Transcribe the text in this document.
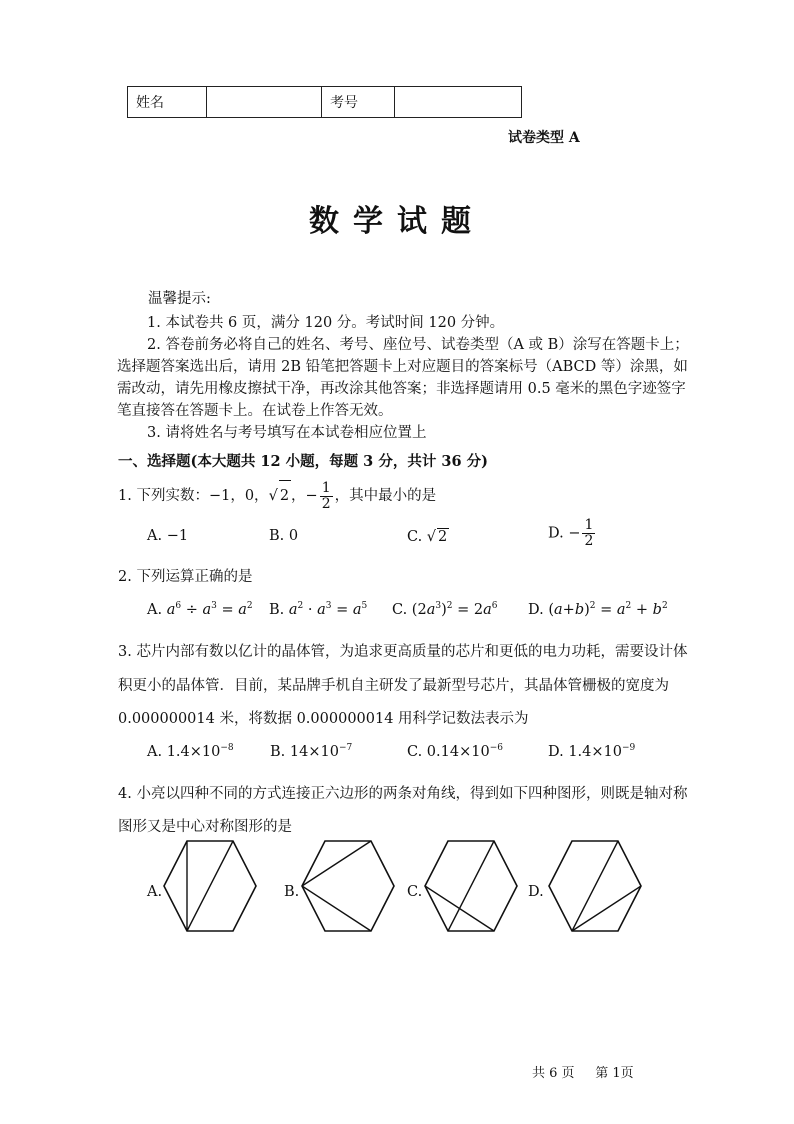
姓名		考号	
试卷类型 A
数学试题
温馨提示:
1. 本试卷共 6 页，满分 120 分。考试时间 120 分钟。
2. 答卷前务必将自己的姓名、考号、座位号、试卷类型（A 或 B）涂写在答题卡上；选择题答案选出后，请用 2B 铅笔把答题卡上对应题目的答案标号（ABCD 等）涂黑，如需改动，请先用橡皮擦拭干净，再改涂其他答案；非选择题请用 0.5 毫米的黑色字迹签字笔直接答在答题卡上。在试卷上作答无效。
3. 请将姓名与考号填写在本试卷相应位置上
一、选择题(本大题共 12 小题，每题 3 分，共计 36 分)
1. 下列实数：−1，0，√ 2 ，− $\frac{1}{2}$ ，其中最小的是
A. −1	B. 0	C. √ 2	D. − $\frac{1}{2}$
2. 下列运算正确的是
A. $a^6 \div a^3 = a^2$ B. $a^2 \cdot a^3 = a^5$ C. $(2a^3)^2 = 2a^6$ D. $(a+b)^2 = a^2 + b^2$
3. 芯片内部有数以亿计的晶体管，为追求更高质量的芯片和更低的电力功耗，需要设计体
积更小的晶体管．目前，某品牌手机自主研发了最新型号芯片，其晶体管栅极的宽度为
0.000000014 米，将数据 0.000000014 用科学记数法表示为
A. $1.4\times 10^{-8}$	B. $14\times 10^{-7}$	C. $0.14\times 10^{-6}$	D. $1.4\times 10^{-9}$
4. 小亮以四种不同的方式连接正六边形的两条对角线，得到如下四种图形，则既是轴对称
图形又是中心对称图形的是
A.	B.	C.	D.
共 6 页 第 1页
